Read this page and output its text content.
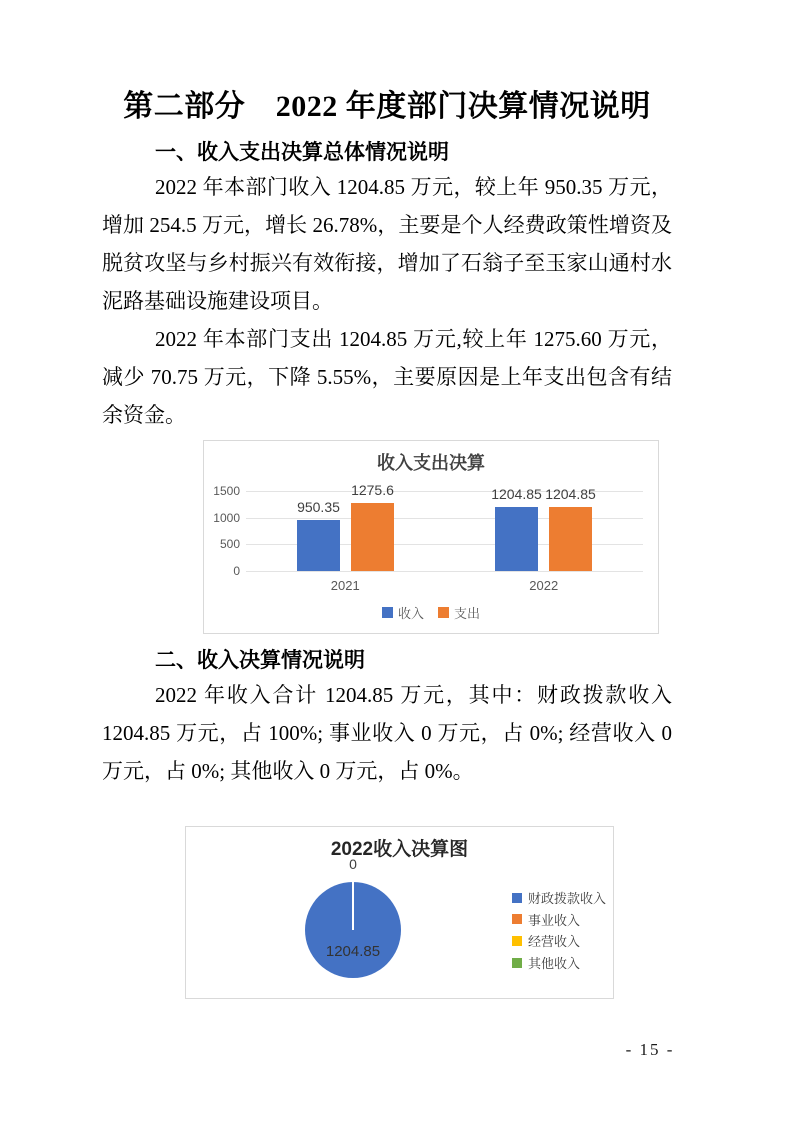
第二部分　2022 年度部门决算情况说明
一、收入支出决算总体情况说明

2022 年本部门收入 1204.85 万元，较上年 950.35 万元，增加 254.5 万元，增长 26.78%，主要是个人经费政策性增资及脱贫攻坚与乡村振兴有效衔接，增加了石翁子至玉家山通村水泥路基础设施建设项目。

2022 年本部门支出 1204.85 万元,较上年 1275.60 万元，减少 70.75 万元，下降 5.55%，主要原因是上年支出包含有结余资金。

收入支出决算
0
500
1000
1500
950.35
1204.85
1275.6	1204.85
2021	2022
收入 支出
二、收入决算情况说明

2022 年收入合计 1204.85 万元，其中：财政拨款收入 1204.85 万元，占 100%; 事业收入 0 万元，占 0%; 经营收入 0 万元，占 0%; 其他收入 0 万元，占 0%。

2022收入决算图
0
1204.85
财政拨款收入
事业收入
经营收入
其他收入
- 15 -
